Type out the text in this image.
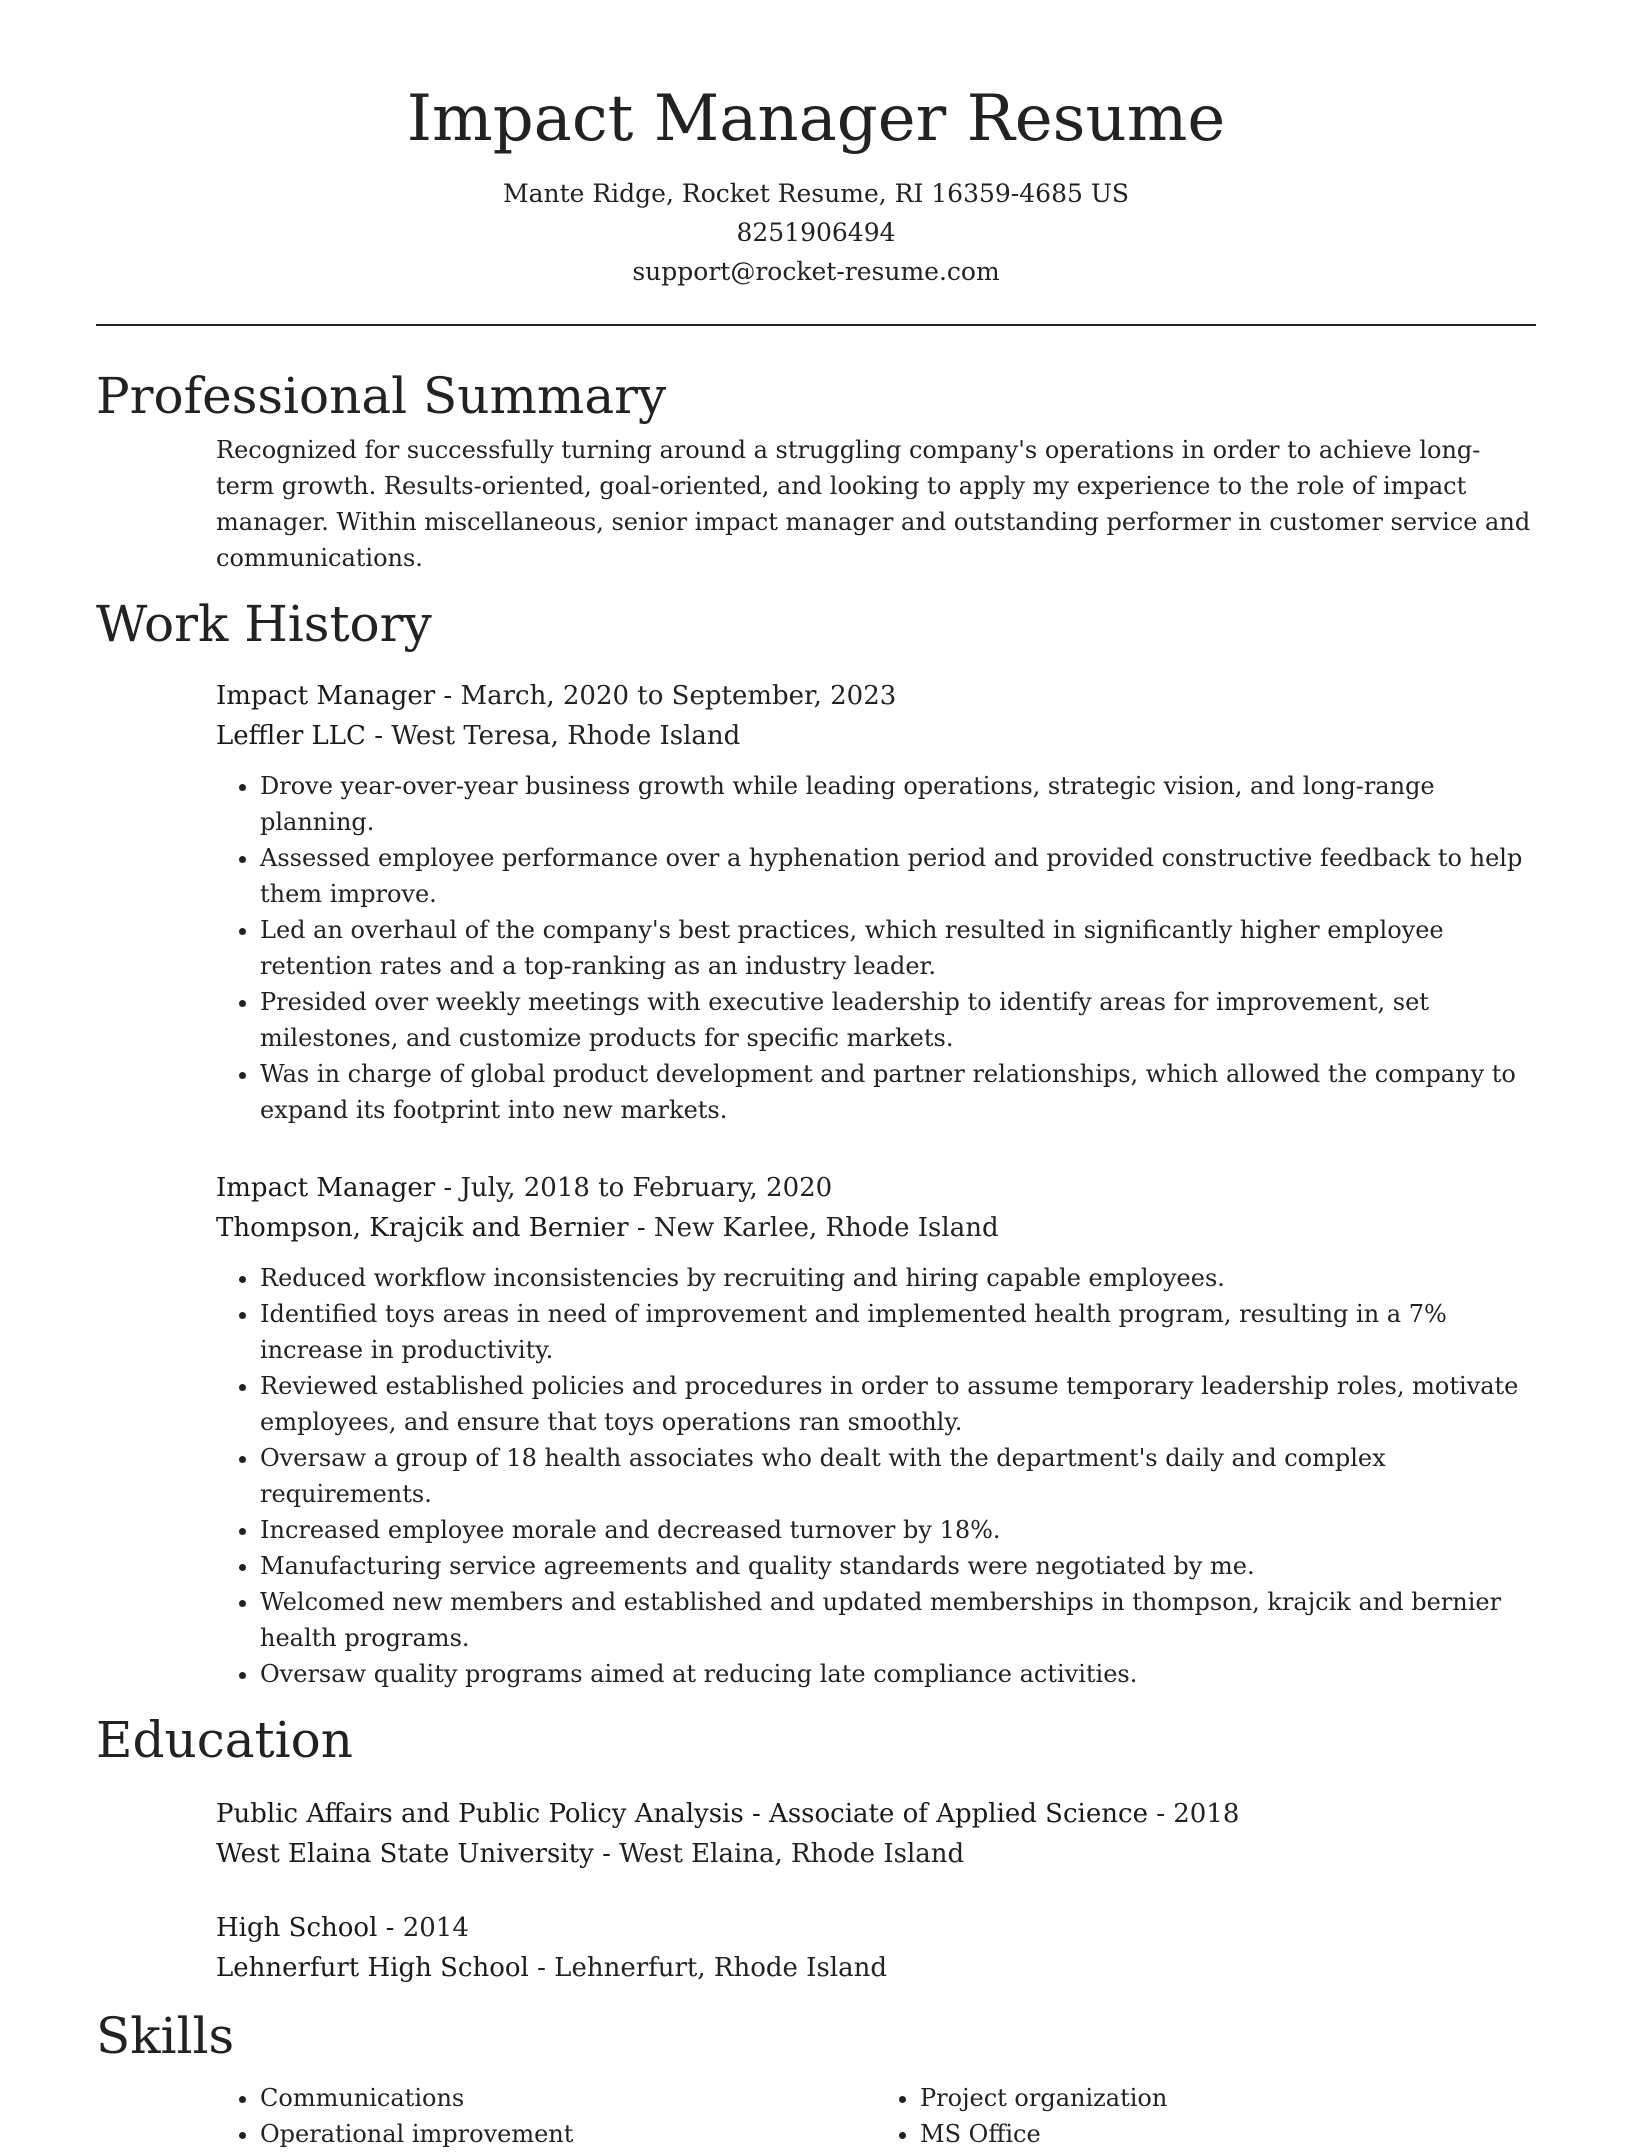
Impact Manager Resume
Mante Ridge, Rocket Resume, RI 16359-4685 US
8251906494
support@rocket-resume.com
Professional Summary
Recognized for successfully turning around a struggling company's operations in order to achieve long-term growth. Results-oriented, goal-oriented, and looking to apply my experience to the role of impact manager. Within miscellaneous, senior impact manager and outstanding performer in customer service and communications.
Work History
Impact Manager - March, 2020 to September, 2023
Leffler LLC - West Teresa, Rhode Island
• Drove year-over-year business growth while leading operations, strategic vision, and long-range planning.
• Assessed employee performance over a hyphenation period and provided constructive feedback to help them improve.
• Led an overhaul of the company's best practices, which resulted in significantly higher employee retention rates and a top-ranking as an industry leader.
• Presided over weekly meetings with executive leadership to identify areas for improvement, set milestones, and customize products for specific markets.
• Was in charge of global product development and partner relationships, which allowed the company to expand its footprint into new markets.
Impact Manager - July, 2018 to February, 2020
Thompson, Krajcik and Bernier - New Karlee, Rhode Island
• Reduced workflow inconsistencies by recruiting and hiring capable employees.
• Identified toys areas in need of improvement and implemented health program, resulting in a 7% increase in productivity.
• Reviewed established policies and procedures in order to assume temporary leadership roles, motivate employees, and ensure that toys operations ran smoothly.
• Oversaw a group of 18 health associates who dealt with the department's daily and complex requirements.
• Increased employee morale and decreased turnover by 18%.
• Manufacturing service agreements and quality standards were negotiated by me.
• Welcomed new members and established and updated memberships in thompson, krajcik and bernier health programs.
• Oversaw quality programs aimed at reducing late compliance activities.
Education
Public Affairs and Public Policy Analysis - Associate of Applied Science - 2018
West Elaina State University - West Elaina, Rhode Island
High School - 2014
Lehnerfurt High School - Lehnerfurt, Rhode Island
Skills
• Communications
• Operational improvement
• Project organization
• MS Office
